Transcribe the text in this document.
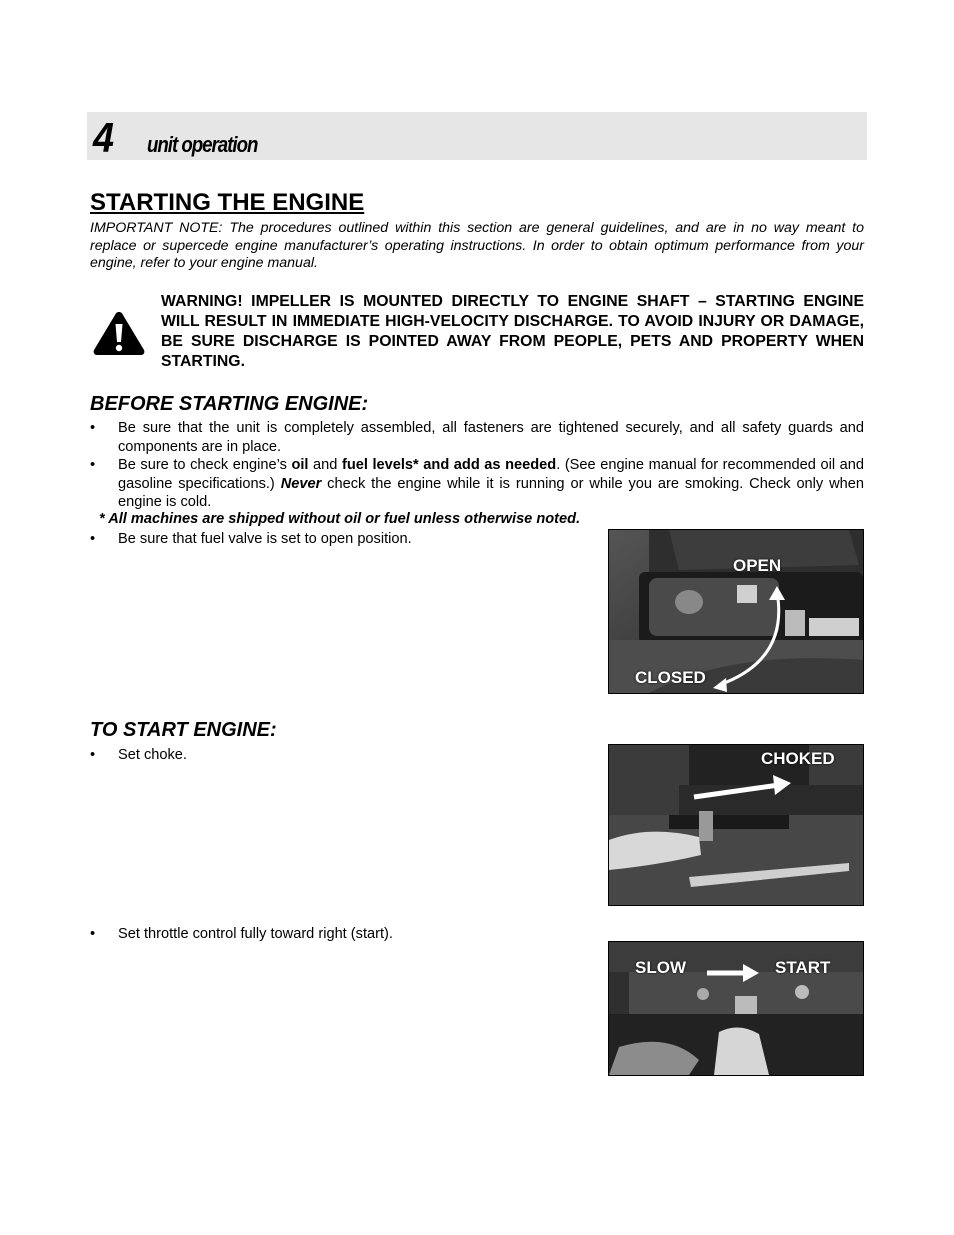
4 unit operation
STARTING THE ENGINE
IMPORTANT NOTE: The procedures outlined within this section are general guidelines, and are in no way meant to replace or supercede engine manufacturer’s operating instructions. In order to obtain optimum performance from your engine, refer to your engine manual.
WARNING! IMPELLER IS MOUNTED DIRECTLY TO ENGINE SHAFT – STARTING ENGINE WILL RESULT IN IMMEDIATE HIGH-VELOCITY DISCHARGE. TO AVOID INJURY OR DAMAGE, BE SURE DISCHARGE IS POINTED AWAY FROM PEOPLE, PETS AND PROPERTY WHEN STARTING.
BEFORE STARTING ENGINE:
• Be sure that the unit is completely assembled, all fasteners are tightened securely, and all safety guards and components are in place.
• Be sure to check engine’s oil and fuel levels* and add as needed. (See engine manual for recommended oil and gasoline specifications.) Never check the engine while it is running or while you are smoking. Check only when engine is cold.
* All machines are shipped without oil or fuel unless otherwise noted.
• Be sure that fuel valve is set to open position.
OPEN
CLOSED
TO START ENGINE:
• Set choke.	CHOKED
• Set throttle control fully toward right (start).
SLOW	START
